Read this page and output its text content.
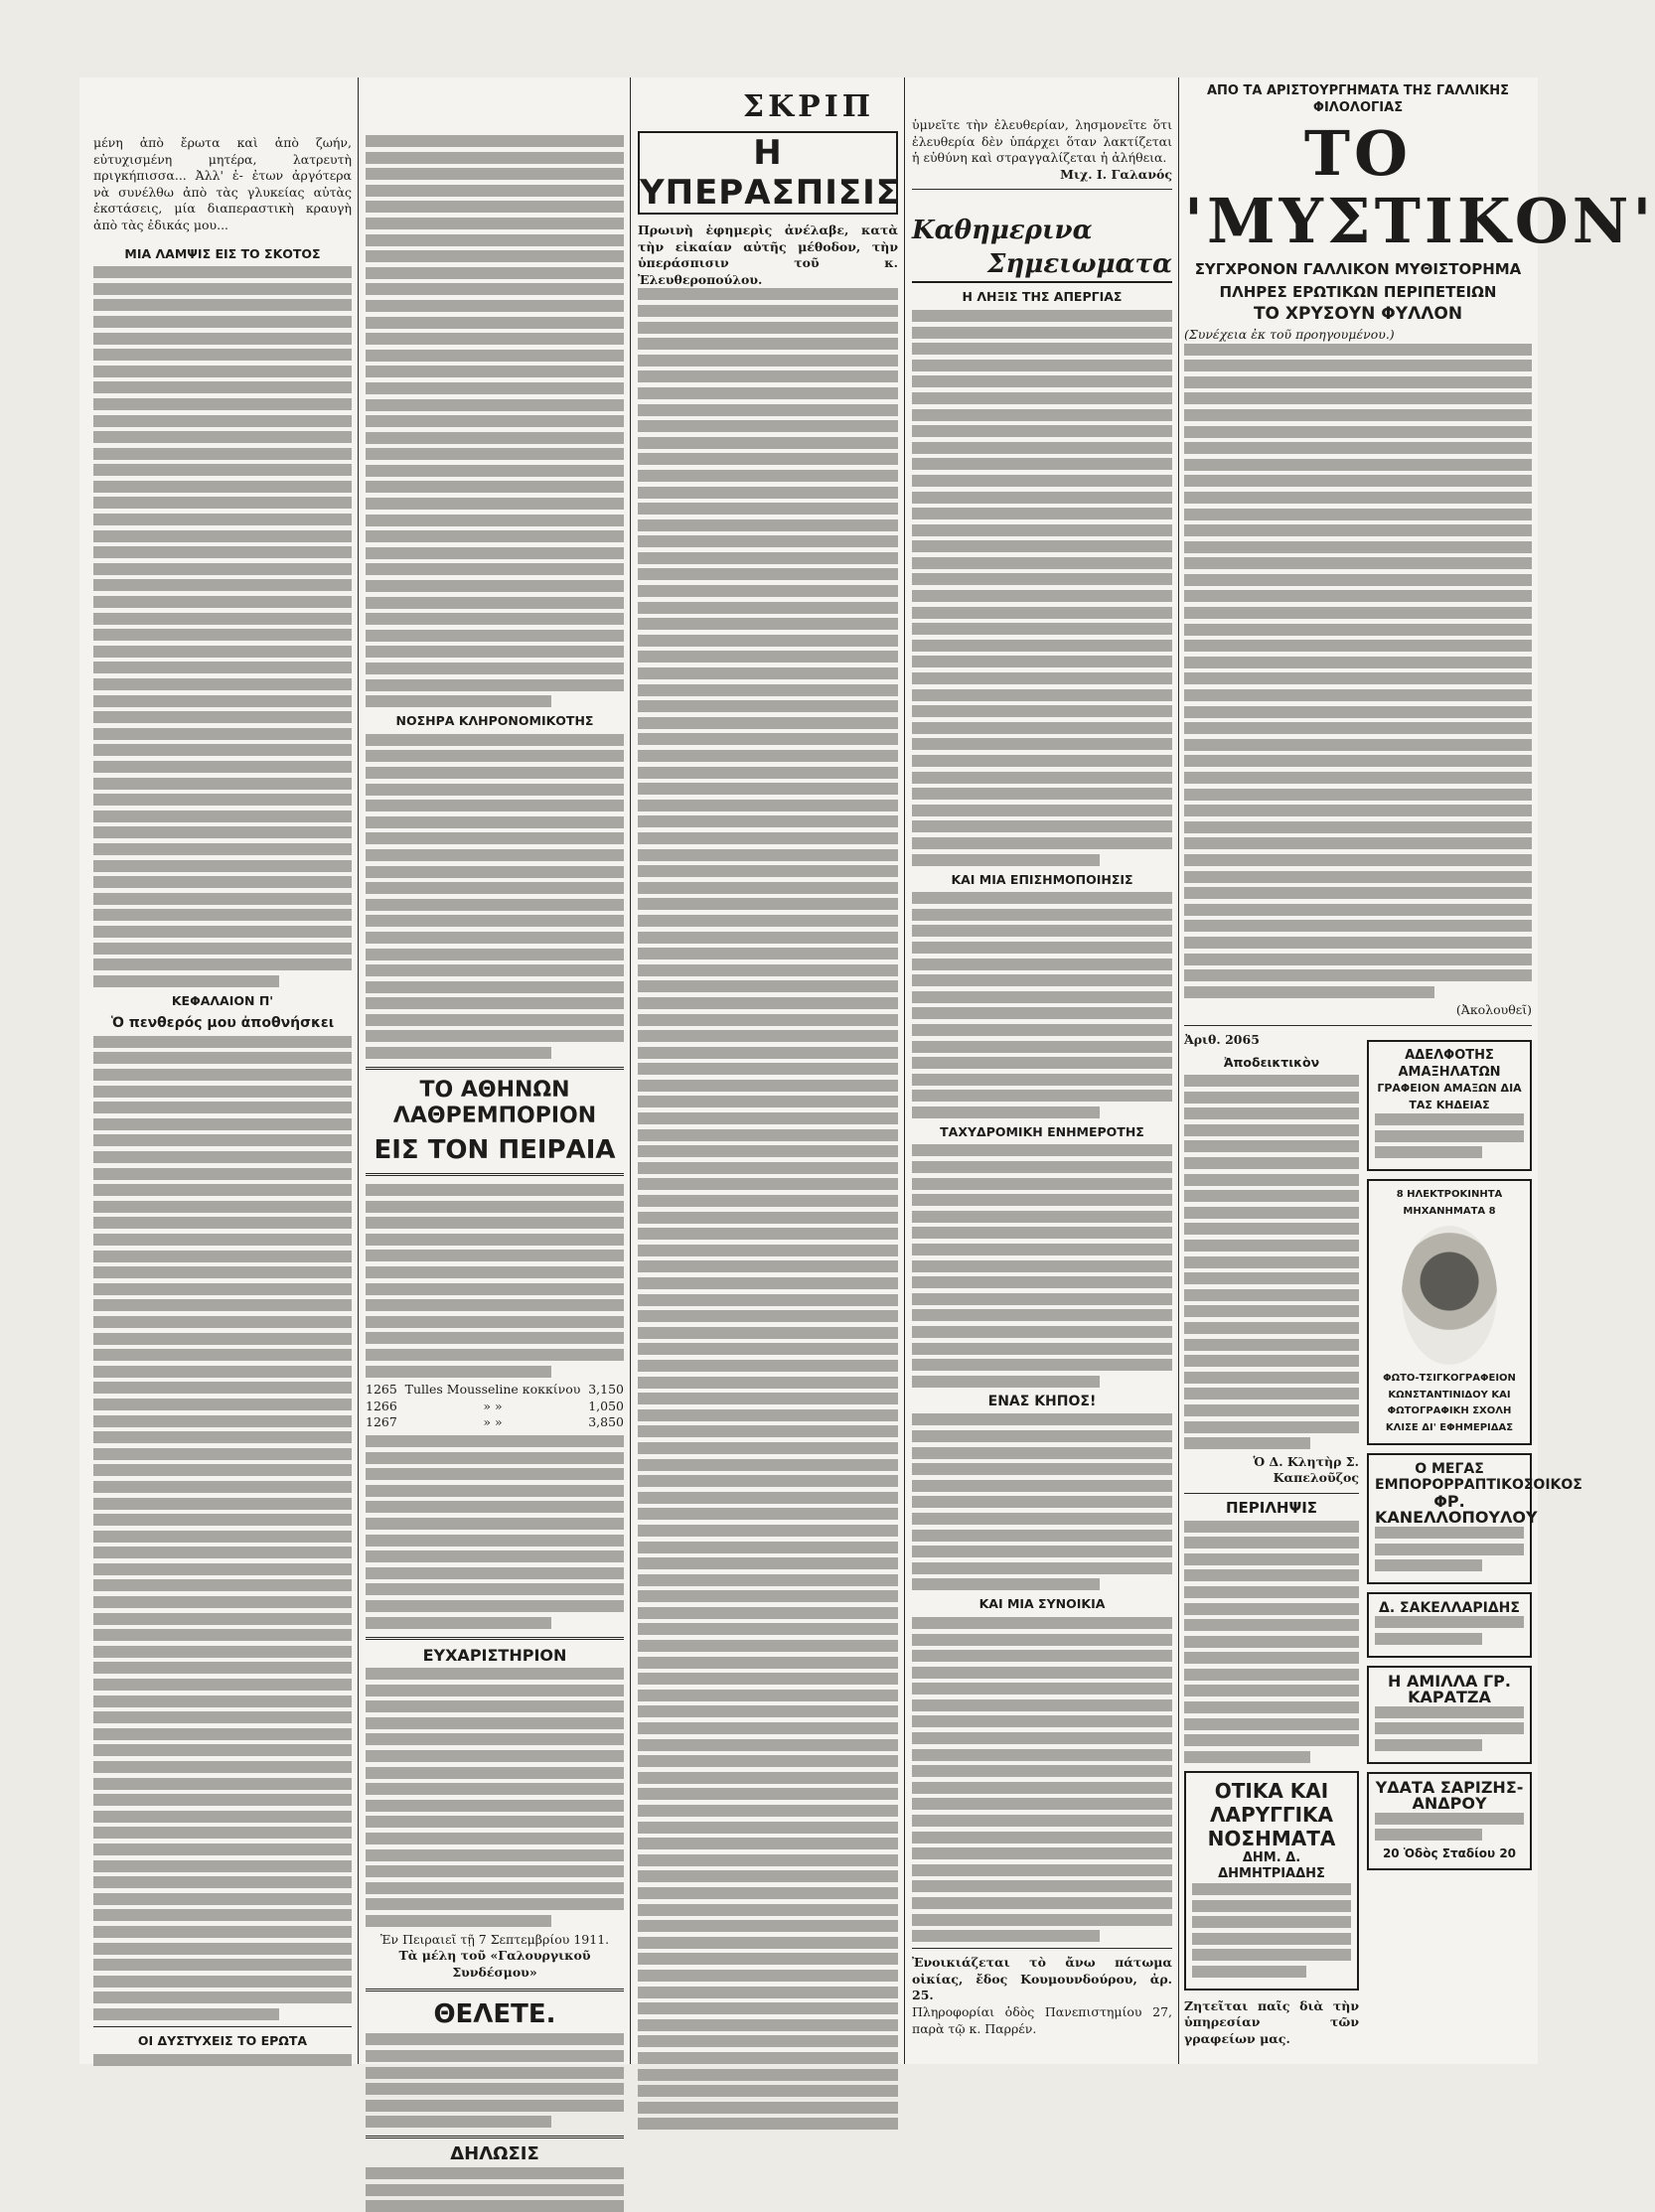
ΣΚΡΙΠ

μένη ἀπὸ ἔρωτα καὶ ἀπὸ ζωήν, εὐτυχισμένη μητέρα, λατρευτὴ πριγκήπισσα... Ἀλλ' ἐ- ἐτων ἀργότερα νὰ συνέλθω ἀπὸ τὰς γλυκείας αὐτὰς ἐκστάσεις, μία διαπεραστικὴ κραυγὴ ἀπὸ τὰς ἐδικάς μου...

ΜΙΑ ΛΑΜΨΙΣ ΕΙΣ ΤΟ ΣΚΟΤΟΣ
ΚΕΦΑΛΑΙΟΝ Π'
Ὁ πενθερός μου ἀποθνήσκει
ΟΙ ΔΥΣΤΥΧΕΙΣ ΤΟ ΕΡΩΤΑ
ΝΟΣΗΡΑ ΚΛΗΡΟΝΟΜΙΚΟΤΗΣ
ΤΟ ΑΘΗΝΩΝ ΛΑΘΡΕΜΠΟΡΙΟΝ
ΕΙΣ ΤΟΝ ΠΕΙΡΑΙΑ
1265 Tulles Mousseline κοκκίνου 3,150
1266	» »	1,050
1267	» »	3,850
ΕΥΧΑΡΙΣΤΗΡΙΟΝ

Ἐν Πειραιεῖ τῇ 7 Σεπτεμβρίου 1911.

Τὰ μέλη τοῦ «Γαλουργικοῦ Συνδέσμου»

ΘΕΛΕΤΕ.
ΔΗΛΩΣΙΣ
Η ΥΠΕΡΑΣΠΙΣΙΣ

Πρωινὴ ἐφημερὶς ἀνέλαβε, κατὰ τὴν εἰκαίαν αὐτῆς μέθοδον, τὴν ὑπεράσπισιν τοῦ κ. Ἐλευθεροπούλου.

ὑμνεῖτε τὴν ἐλευθερίαν, λησμονεῖτε ὅτι ἐλευθερία δὲν ὑπάρχει ὅταν λακτίζεται ἡ εὐθύνη καὶ στραγγαλίζεται ἡ ἀλήθεια.

Μιχ. Ι. Γαλανός

Καθημερινα
Σημειωματα
Η ΛΗΞΙΣ ΤΗΣ ΑΠΕΡΓΙΑΣ
ΚΑΙ ΜΙΑ ΕΠΙΣΗΜΟΠΟΙΗΣΙΣ
ΤΑΧΥΔΡΟΜΙΚΗ ΕΝΗΜΕΡΟΤΗΣ
ΕΝΑΣ ΚΗΠΟΣ!
ΚΑΙ ΜΙΑ ΣΥΝΟΙΚΙΑ

Ἐνοικιάζεται τὸ ἄνω πάτωμα οἰκίας, ἔδος Κουμουνδούρου, ἀρ. 25.

Πληροφορίαι ὁδὸς Πανεπιστημίου 27, παρὰ τῷ κ. Παρρέν.

ΑΠΟ ΤΑ ΑΡΙΣΤΟΥΡΓΗΜΑΤΑ ΤΗΣ ΓΑΛΛΙΚΗΣ ΦΙΛΟΛΟΓΙΑΣ
ΤΟ 'ΜΥΣΤΙΚΟΝ'
ΣΥΓΧΡΟΝΟΝ ΓΑΛΛΙΚΟΝ ΜΥΘΙΣΤΟΡΗΜΑ
ΠΛΗΡΕΣ ΕΡΩΤΙΚΩΝ ΠΕΡΙΠΕΤΕΙΩΝ
ΤΟ ΧΡΥΣΟΥΝ ΦΥΛΛΟΝ

(Συνέχεια ἐκ τοῦ προηγουμένου.)

(Ἀκολουθεῖ)

Ἀριθ. 2065

Ἀποδεικτικὸν

Ὁ Δ. Κλητὴρ Σ. Καπελοῦζος

ΠΕΡΙΛΗΨΙΣ
ΟΤΙΚΑ ΚΑΙ ΛΑΡΥΓΓΙΚΑ ΝΟΣΗΜΑΤΑ
ΔΗΜ. Δ. ΔΗΜΗΤΡΙΑΔΗΣ

Ζητεῖται παῖς διὰ τὴν ὑπηρεσίαν τῶν γραφείων μας.

ΑΔΕΛΦΟΤΗΣ ΑΜΑΞΗΛΑΤΩΝ
ΓΡΑΦΕΙΟΝ ΑΜΑΞΩΝ ΔΙΑ ΤΑΣ ΚΗΔΕΙΑΣ
8 ΗΛΕΚΤΡΟΚΙΝΗΤΑ ΜΗΧΑΝΗΜΑΤΑ 8
ΦΩΤΟ-ΤΣΙΓΚΟΓΡΑΦΕΙΟΝ ΚΩΝΣΤΑΝΤΙΝΙΔΟΥ ΚΑΙ ΦΩΤΟΓΡΑΦΙΚΗ ΣΧΟΛΗ
ΚΛΙΣΕ ΔΙ' ΕΦΗΜΕΡΙΔΑΣ
Ο ΜΕΓΑΣ ΕΜΠΟΡΟΡΡΑΠΤΙΚΟΣΟΙΚΟΣ
ΦΡ. ΚΑΝΕΛΛΟΠΟΥΛΟΥ
Δ. ΣΑΚΕΛΛΑΡΙΔΗΣ
Η ΑΜΙΛΛΑ ΓΡ. ΚΑΡΑΤΖΑ
ΥΔΑΤΑ ΣΑΡΙΖΗΣ-ΑΝΔΡΟΥ
20 Ὁδὸς Σταδίου 20
